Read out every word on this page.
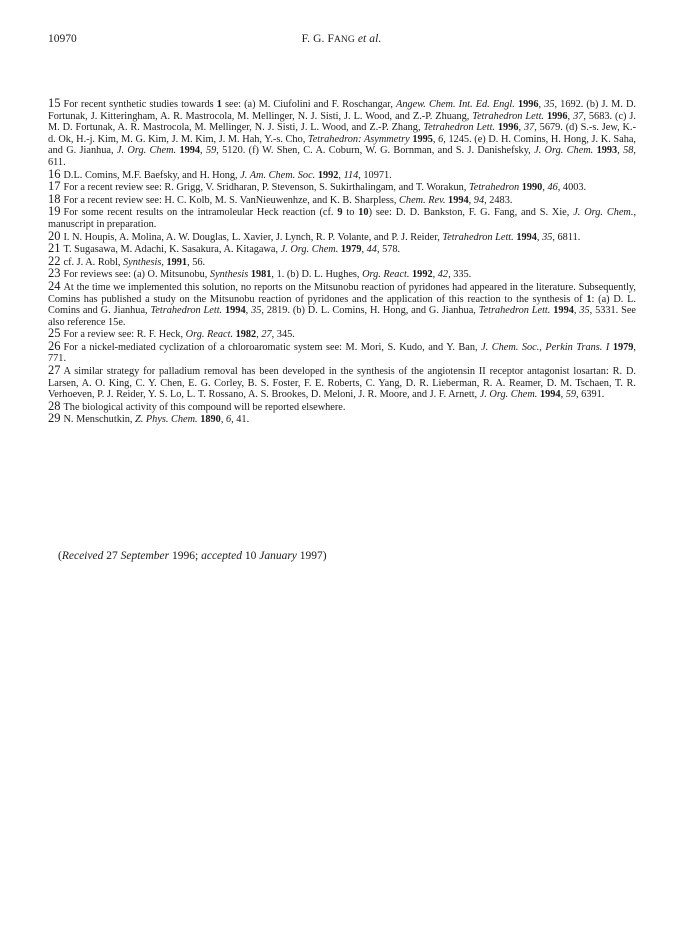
10970	F. G. FANG et al.
15 For recent synthetic studies towards 1 see: (a) M. Ciufolini and F. Roschangar, Angew. Chem. Int. Ed. Engl. 1996, 35, 1692. (b) J. M. D. Fortunak, J. Kitteringham, A. R. Mastrocola, M. Mellinger, N. J. Sisti, J. L. Wood, and Z.-P. Zhuang, Tetrahedron Lett. 1996, 37, 5683. (c) J. M. D. Fortunak, A. R. Mastrocola, M. Mellinger, N. J. Sisti, J. L. Wood, and Z.-P. Zhang, Tetrahedron Lett. 1996, 37, 5679. (d) S.-s. Jew, K.-d. Ok, H.-j. Kim, M. G. Kim, J. M. Kim, J. M. Hah, Y.-s. Cho, Tetrahedron: Asymmetry 1995, 6, 1245. (e) D. H. Comins, H. Hong, J. K. Saha, and G. Jianhua, J. Org. Chem. 1994, 59, 5120. (f) W. Shen, C. A. Coburn, W. G. Bornman, and S. J. Danishefsky, J. Org. Chem. 1993, 58, 611.
16 D.L. Comins, M.F. Baefsky, and H. Hong, J. Am. Chem. Soc. 1992, 114, 10971.
17 For a recent review see: R. Grigg, V. Sridharan, P. Stevenson, S. Sukirthalingam, and T. Worakun, Tetrahedron 1990, 46, 4003.
18 For a recent review see: H. C. Kolb, M. S. VanNieuwenhze, and K. B. Sharpless, Chem. Rev. 1994, 94, 2483.
19 For some recent results on the intramoleular Heck reaction (cf. 9 to 10) see: D. D. Bankston, F. G. Fang, and S. Xie, J. Org. Chem., manuscript in preparation.
20 I. N. Houpis, A. Molina, A. W. Douglas, L. Xavier, J. Lynch, R. P. Volante, and P. J. Reider, Tetrahedron Lett. 1994, 35, 6811.
21 T. Sugasawa, M. Adachi, K. Sasakura, A. Kitagawa, J. Org. Chem. 1979, 44, 578.
22 cf. J. A. Robl, Synthesis, 1991, 56.
23 For reviews see: (a) O. Mitsunobu, Synthesis 1981, 1. (b) D. L. Hughes, Org. React. 1992, 42, 335.
24 At the time we implemented this solution, no reports on the Mitsunobu reaction of pyridones had appeared in the literature. Subsequently, Comins has published a study on the Mitsunobu reaction of pyridones and the application of this reaction to the synthesis of 1: (a) D. L. Comins and G. Jianhua, Tetrahedron Lett. 1994, 35, 2819. (b) D. L. Comins, H. Hong, and G. Jianhua, Tetrahedron Lett. 1994, 35, 5331. See also reference 15e.
25 For a review see: R. F. Heck, Org. React. 1982, 27, 345.
26 For a nickel-mediated cyclization of a chloroaromatic system see: M. Mori, S. Kudo, and Y. Ban, J. Chem. Soc., Perkin Trans. I 1979, 771.
27 A similar strategy for palladium removal has been developed in the synthesis of the angiotensin II receptor antagonist losartan: R. D. Larsen, A. O. King, C. Y. Chen, E. G. Corley, B. S. Foster, F. E. Roberts, C. Yang, D. R. Lieberman, R. A. Reamer, D. M. Tschaen, T. R. Verhoeven, P. J. Reider, Y. S. Lo, L. T. Rossano, A. S. Brookes, D. Meloni, J. R. Moore, and J. F. Arnett, J. Org. Chem. 1994, 59, 6391.
28 The biological activity of this compound will be reported elsewhere.
29 N. Menschutkin, Z. Phys. Chem. 1890, 6, 41.
(Received 27 September 1996; accepted 10 January 1997)
